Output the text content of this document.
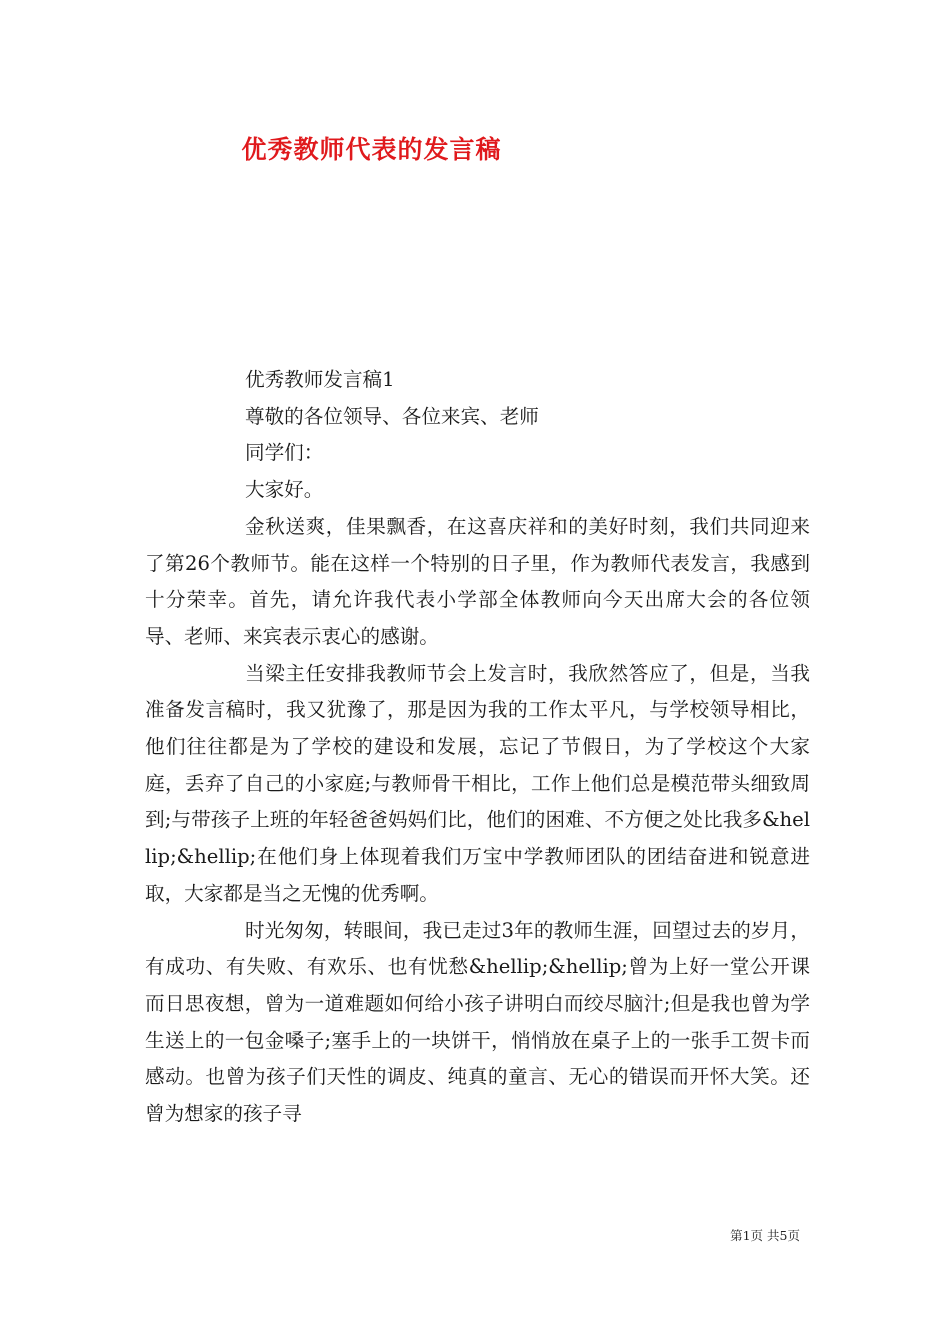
优秀教师代表的发言稿

优秀教师发言稿1

尊敬的各位领导、各位来宾、老师

同学们：

大家好。

金秋送爽，佳果飘香，在这喜庆祥和的美好时刻，我们共同迎来了第26个教师节。能在这样一个特别的日子里，作为教师代表发言，我感到十分荣幸。首先，请允许我代表小学部全体教师向今天出席大会的各位领导、老师、来宾表示衷心的感谢。

当梁主任安排我教师节会上发言时，我欣然答应了，但是，当我准备发言稿时，我又犹豫了，那是因为我的工作太平凡，与学校领导相比，他们往往都是为了学校的建设和发展，忘记了节假日，为了学校这个大家庭，丢弃了自己的小家庭;与教师骨干相比，工作上他们总是模范带头细致周到;与带孩子上班的年轻爸爸妈妈们比，他们的困难、不方便之处比我多&hellip;&hellip;在他们身上体现着我们万宝中学教师团队的团结奋进和锐意进取，大家都是当之无愧的优秀啊。

时光匆匆，转眼间，我已走过3年的教师生涯，回望过去的岁月，有成功、有失败、有欢乐、也有忧愁&hellip;&hellip;曾为上好一堂公开课而日思夜想，曾为一道难题如何给小孩子讲明白而绞尽脑汁;但是我也曾为学生送上的一包金嗓子;塞手上的一块饼干，悄悄放在桌子上的一张手工贺卡而感动。也曾为孩子们天性的调皮、纯真的童言、无心的错误而开怀大笑。还曾为想家的孩子寻

第1页 共5页
